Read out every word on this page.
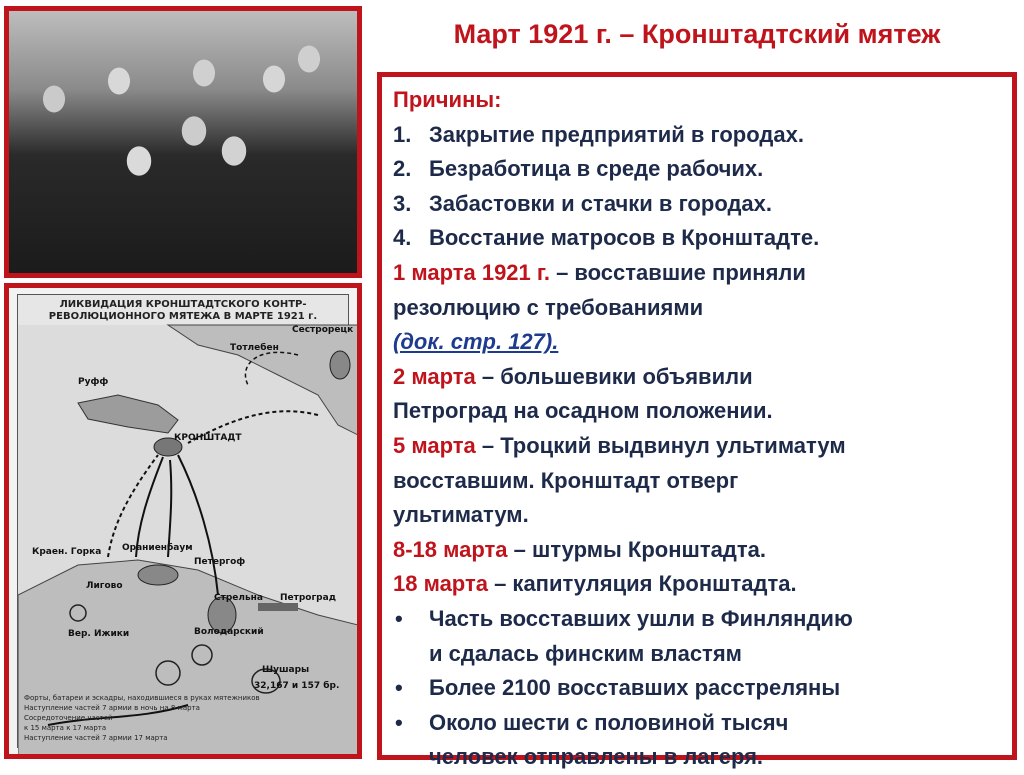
Март 1921 г. – Кронштадтский мятеж
ЛИКВИДАЦИЯ КРОНШТАДТСКОГО КОНТР-
РЕВОЛЮЦИОННОГО МЯТЕЖА В МАРТЕ 1921 г.
Сестрорецк
КРОНШТАДТ
Петроград
Руфф
Тотлебен
Краен. Горка Ораниенбаум
Петергоф
Лигово
Стрельна
Володарский
Вер. Ижики
Шушары
32,167 и 157 бр.
Форты, батареи и эскадры, находившиеся в руках мятежников
Наступление частей 7 армии в ночь на 8 марта
Сосредоточение частей
к 15 марта к 17 марта
Наступление частей 7 армии 17 марта
Причины:
1. Закрытие предприятий в городах.
2. Безработица в среде рабочих.
3. Забастовки и стачки в городах.
4. Восстание матросов в Кронштадте.
1 марта 1921 г. – восставшие приняли
резолюцию с требованиями
(док. стр. 127).
2 марта – большевики объявили
Петроград на осадном положении.
5 марта – Троцкий выдвинул ультиматум
восставшим. Кронштадт отверг
ультиматум.
8-18 марта – штурмы Кронштадта.
18 марта – капитуляция Кронштадта.
• Часть восставших ушли в Финляндию
и сдалась финским властям
• Более 2100 восставших расстреляны
• Около шести с половиной тысяч
человек отправлены в лагеря.
